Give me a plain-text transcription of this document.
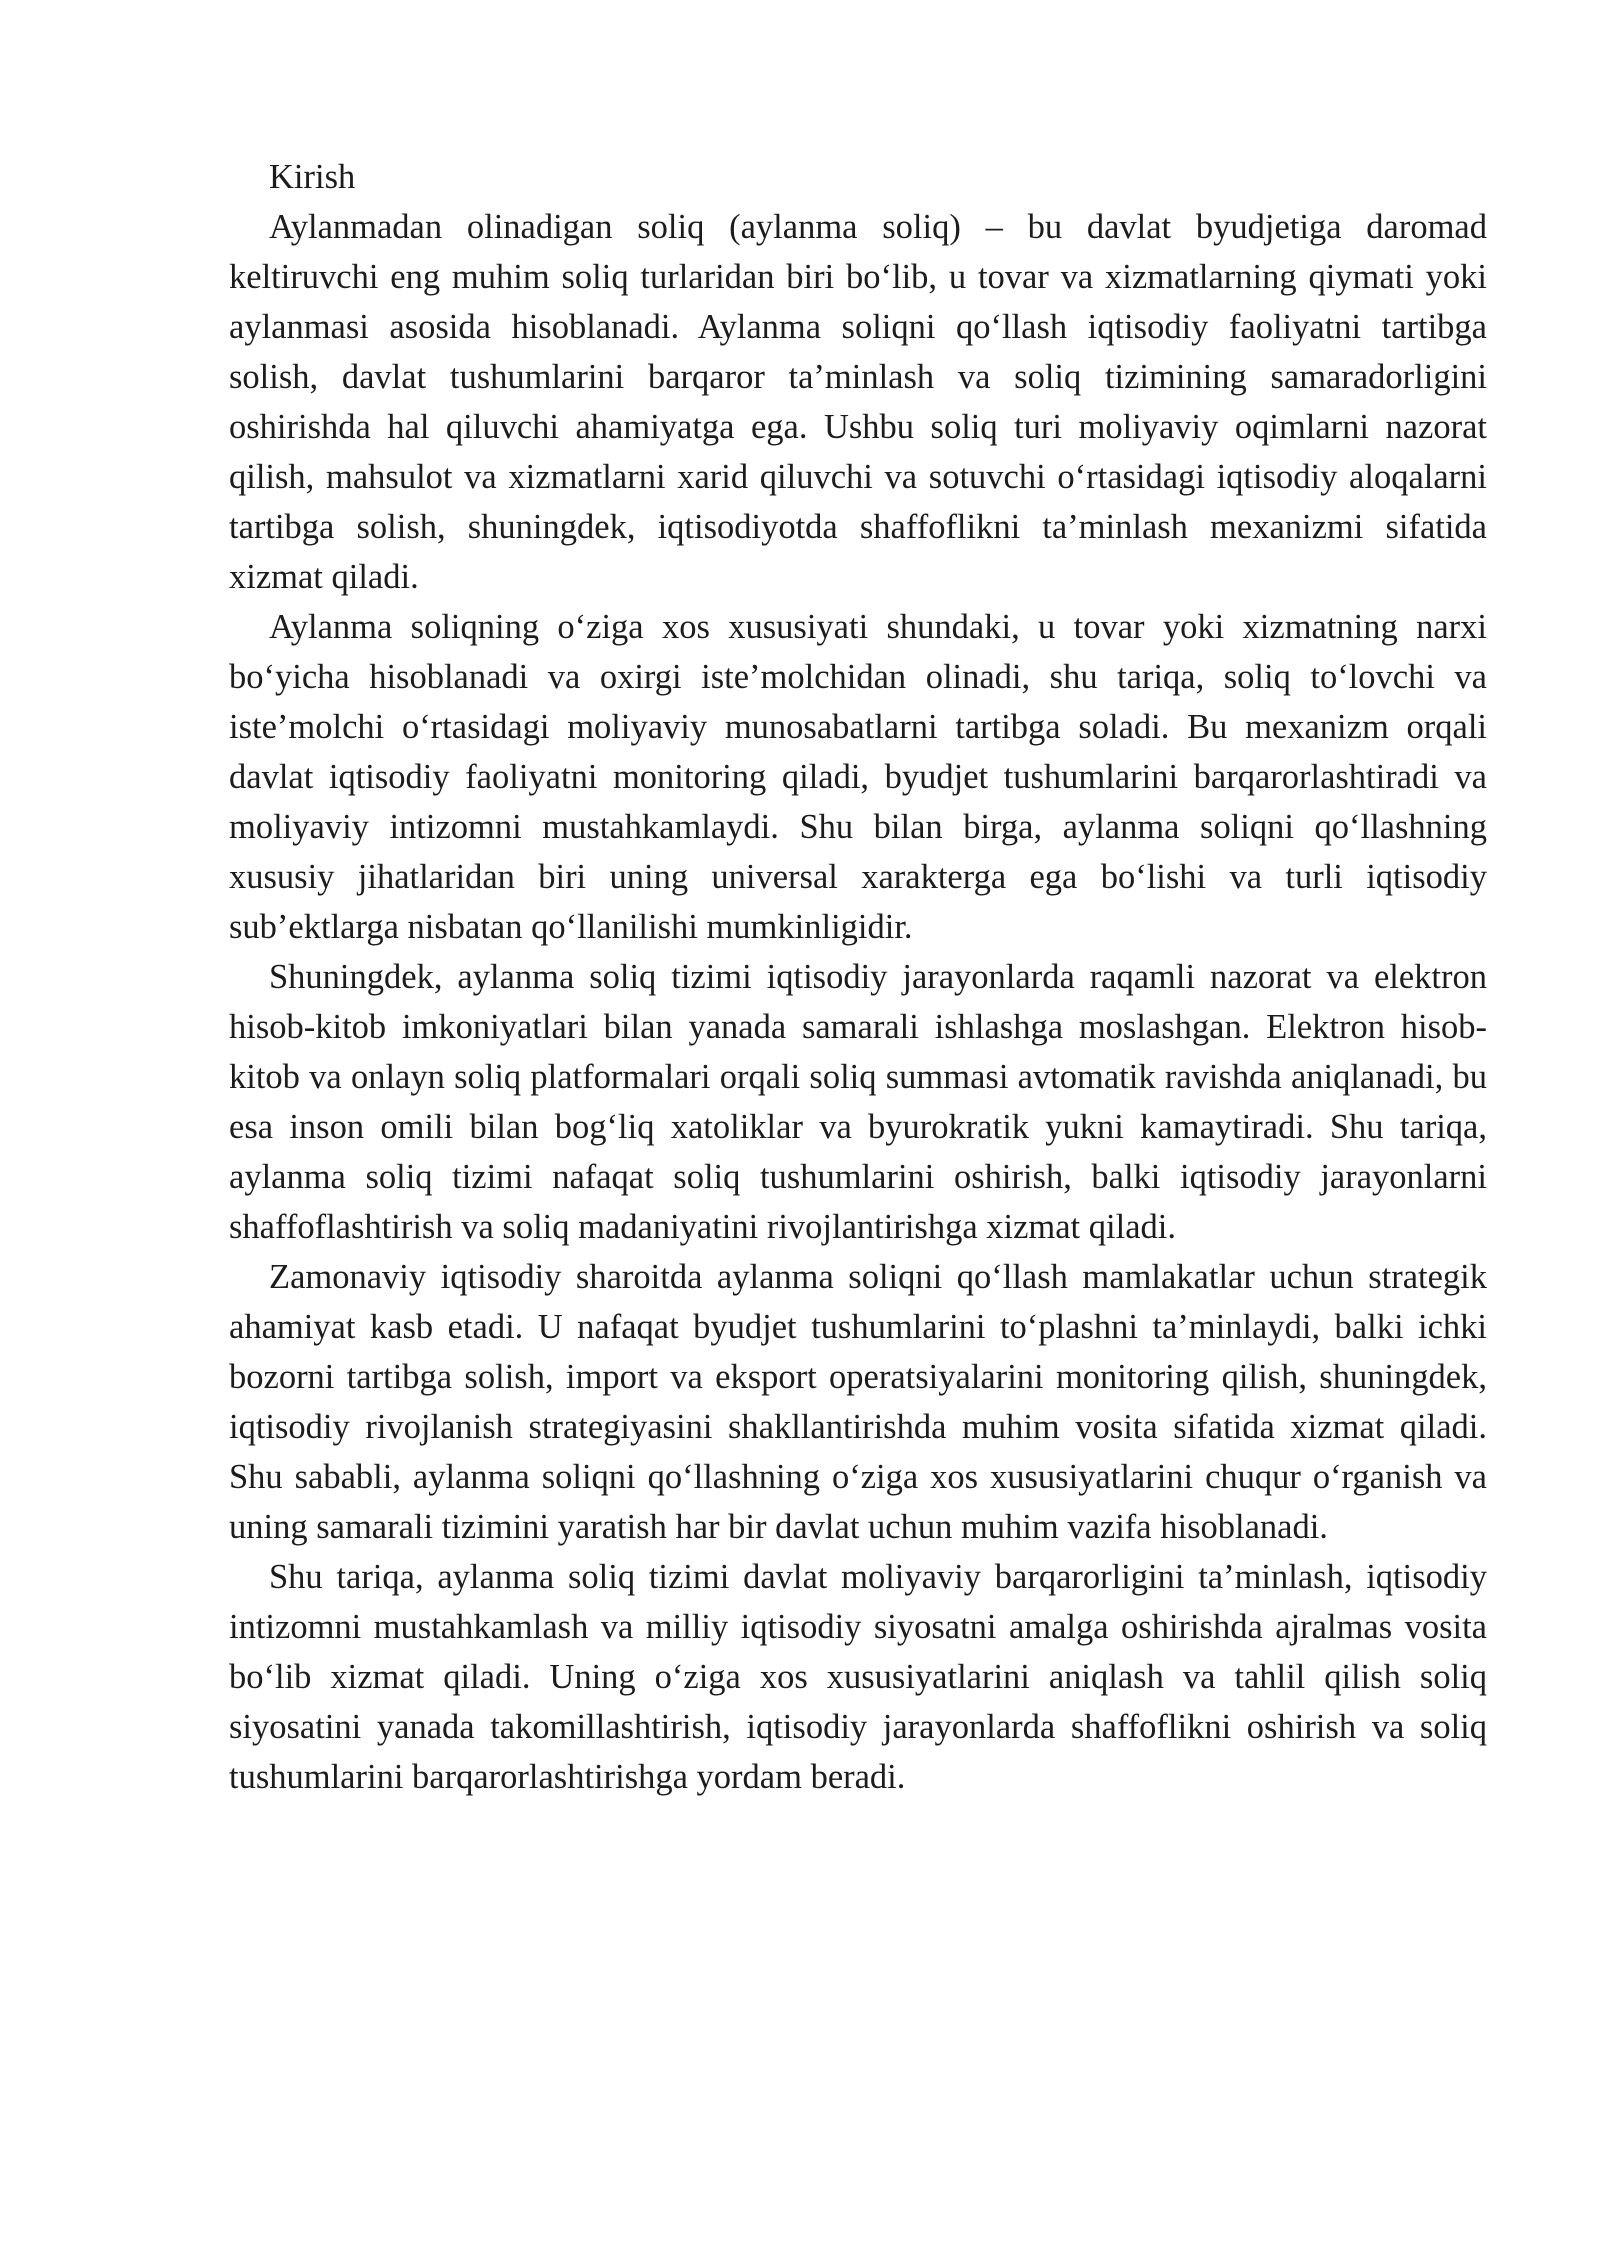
Kirish

Aylanmadan olinadigan soliq (aylanma soliq) – bu davlat byudjetiga daromad keltiruvchi eng muhim soliq turlaridan biri bo‘lib, u tovar va xizmatlarning qiymati yoki aylanmasi asosida hisoblanadi. Aylanma soliqni qo‘llash iqtisodiy faoliyatni tartibga solish, davlat tushumlarini barqaror ta’minlash va soliq tizimining samaradorligini oshirishda hal qiluvchi ahamiyatga ega. Ushbu soliq turi moliyaviy oqimlarni nazorat qilish, mahsulot va xizmatlarni xarid qiluvchi va sotuvchi o‘rtasidagi iqtisodiy aloqalarni tartibga solish, shuningdek, iqtisodiyotda shaffoflikni ta’minlash mexanizmi sifatida xizmat qiladi.

Aylanma soliqning o‘ziga xos xususiyati shundaki, u tovar yoki xizmatning narxi bo‘yicha hisoblanadi va oxirgi iste’molchidan olinadi, shu tariqa, soliq to‘lovchi va iste’molchi o‘rtasidagi moliyaviy munosabatlarni tartibga soladi. Bu mexanizm orqali davlat iqtisodiy faoliyatni monitoring qiladi, byudjet tushumlarini barqarorlashtiradi va moliyaviy intizomni mustahkamlaydi. Shu bilan birga, aylanma soliqni qo‘llashning xususiy jihatlaridan biri uning universal xarakterga ega bo‘lishi va turli iqtisodiy sub’ektlarga nisbatan qo‘llanilishi mumkinligidir.

Shuningdek, aylanma soliq tizimi iqtisodiy jarayonlarda raqamli nazorat va elektron hisob-kitob imkoniyatlari bilan yanada samarali ishlashga moslashgan. Elektron hisob-kitob va onlayn soliq platformalari orqali soliq summasi avtomatik ravishda aniqlanadi, bu esa inson omili bilan bog‘liq xatoliklar va byurokratik yukni kamaytiradi. Shu tariqa, aylanma soliq tizimi nafaqat soliq tushumlarini oshirish, balki iqtisodiy jarayonlarni shaffoflashtirish va soliq madaniyatini rivojlantirishga xizmat qiladi.

Zamonaviy iqtisodiy sharoitda aylanma soliqni qo‘llash mamlakatlar uchun strategik ahamiyat kasb etadi. U nafaqat byudjet tushumlarini to‘plashni ta’minlaydi, balki ichki bozorni tartibga solish, import va eksport operatsiyalarini monitoring qilish, shuningdek, iqtisodiy rivojlanish strategiyasini shakllantirishda muhim vosita sifatida xizmat qiladi. Shu sababli, aylanma soliqni qo‘llashning o‘ziga xos xususiyatlarini chuqur o‘rganish va uning samarali tizimini yaratish har bir davlat uchun muhim vazifa hisoblanadi.

Shu tariqa, aylanma soliq tizimi davlat moliyaviy barqarorligini ta’minlash, iqtisodiy intizomni mustahkamlash va milliy iqtisodiy siyosatni amalga oshirishda ajralmas vosita bo‘lib xizmat qiladi. Uning o‘ziga xos xususiyatlarini aniqlash va tahlil qilish soliq siyosatini yanada takomillashtirish, iqtisodiy jarayonlarda shaffoflikni oshirish va soliq tushumlarini barqarorlashtirishga yordam beradi.
